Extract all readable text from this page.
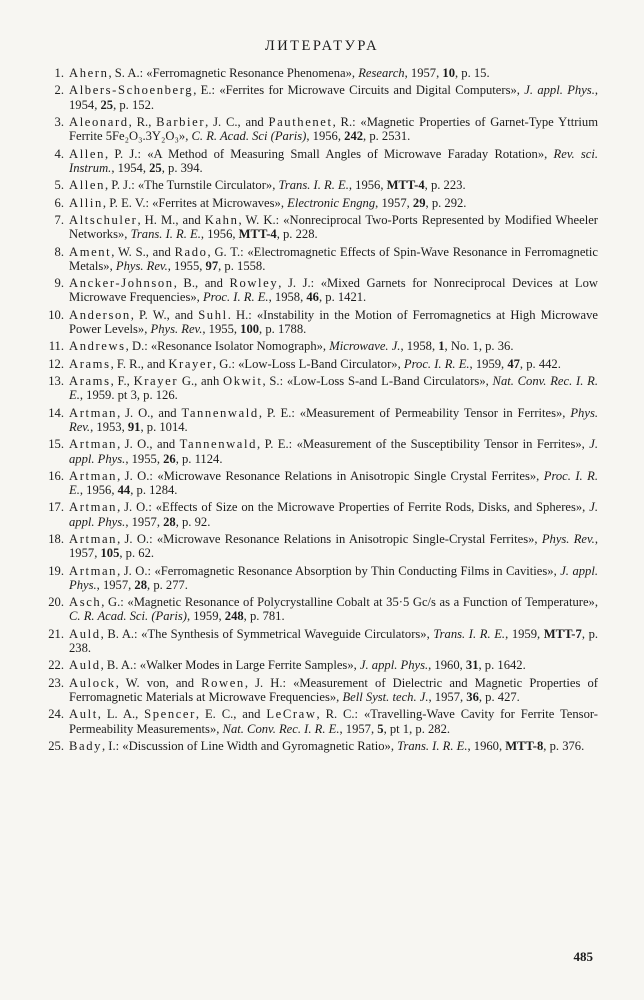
ЛИТЕРАТУРА
1. Ahern, S. A.: «Ferromagnetic Resonance Phenomena», Research, 1957, 10, p. 15.
2. Albers-Schoenberg, E.: «Ferrites for Microwave Circuits and Digital Computers», J. appl. Phys., 1954, 25, p. 152.
3. Aleonard, R., Barbier, J. C., and Pauthenet, R.: «Magnetic Properties of Garnet-Type Yttrium Ferrite 5Fe₂O₃.3Y₂O₃», C. R. Acad. Sci (Paris), 1956, 242, p. 2531.
4. Allen, P. J.: «A Method of Measuring Small Angles of Microwave Faraday Rotation», Rev. sci. Instrum., 1954, 25, p. 394.
5. Allen, P. J.: «The Turnstile Circulator», Trans. I. R. E., 1956, MTT-4, p. 223.
6. Allin, P. E. V.: «Ferrites at Microwaves», Electronic Engng, 1957, 29, p. 292.
7. Altschuler, H. M., and Kahn, W. K.: «Nonreciprocal Two-Ports Represented by Modified Wheeler Networks», Trans. I. R. E., 1956, MTT-4, p. 228.
8. Ament, W. S., and Rado, G. T.: «Electromagnetic Effects of Spin-Wave Resonance in Ferromagnetic Metals», Phys. Rev., 1955, 97, p. 1558.
9. Ancker-Johnson, B., and Rowley, J. J.: «Mixed Garnets for Nonreciprocal Devices at Low Microwave Frequencies», Proc. I. R. E., 1958, 46, p. 1421.
10. Anderson, P. W., and Suhl. H.: «Instability in the Motion of Ferromagnetics at High Microwave Power Levels», Phys. Rev., 1955, 100, p. 1788.
11. Andrews, D.: «Resonance Isolator Nomograph», Microwave. J., 1958, 1, No. 1, p. 36.
12. Arams, F. R., and Krayer, G.: «Low-Loss L-Band Circulator», Proc. I. R. E., 1959, 47, p. 442.
13. Arams, F., Krayer G., anh Okwit, S.: «Low-Loss S-and L-Band Circulators», Nat. Conv. Rec. I. R. E., 1959. pt 3, p. 126.
14. Artman, J. O., and Tannenwald, P. E.: «Measurement of Permeability Tensor in Ferrites», Phys. Rev., 1953, 91, p. 1014.
15. Artman, J. O., and Tannenwald, P. E.: «Measurement of the Susceptibility Tensor in Ferrites», J. appl. Phys., 1955, 26, p. 1124.
16. Artman, J. O.: «Microwave Resonance Relations in Anisotropic Single Crystal Ferrites», Proc. I. R. E., 1956, 44, p. 1284.
17. Artman, J. O.: «Effects of Size on the Microwave Properties of Ferrite Rods, Disks, and Spheres», J. appl. Phys., 1957, 28, p. 92.
18. Artman, J. O.: «Microwave Resonance Relations in Anisotropic Single-Crystal Ferrites», Phys. Rev., 1957, 105, p. 62.
19. Artman, J. O.: «Ferromagnetic Resonance Absorption by Thin Conducting Films in Cavities», J. appl. Phys., 1957, 28, p. 277.
20. Asch, G.: «Magnetic Resonance of Polycrystalline Cobalt at 35·5 Gc/s as a Function of Temperature», C. R. Acad. Sci. (Paris), 1959, 248, p. 781.
21. Auld, B. A.: «The Synthesis of Symmetrical Waveguide Circulators», Trans. I. R. E., 1959, MTT-7, p. 238.
22. Auld, B. A.: «Walker Modes in Large Ferrite Samples», J. appl. Phys., 1960, 31, p. 1642.
23. Aulock, W. von, and Rowen, J. H.: «Measurement of Dielectric and Magnetic Properties of Ferromagnetic Materials at Microwave Frequencies», Bell Syst. tech. J., 1957, 36, p. 427.
24. Ault, L. A., Spencer, E. C., and LeCraw, R. C.: «Travelling-Wave Cavity for Ferrite Tensor-Permeability Measurements», Nat. Conv. Rec. I. R. E., 1957, 5, pt 1, p. 282.
25. Bady, I.: «Discussion of Line Width and Gyromagnetic Ratio», Trans. I. R. E., 1960, MTT-8, p. 376.
485
